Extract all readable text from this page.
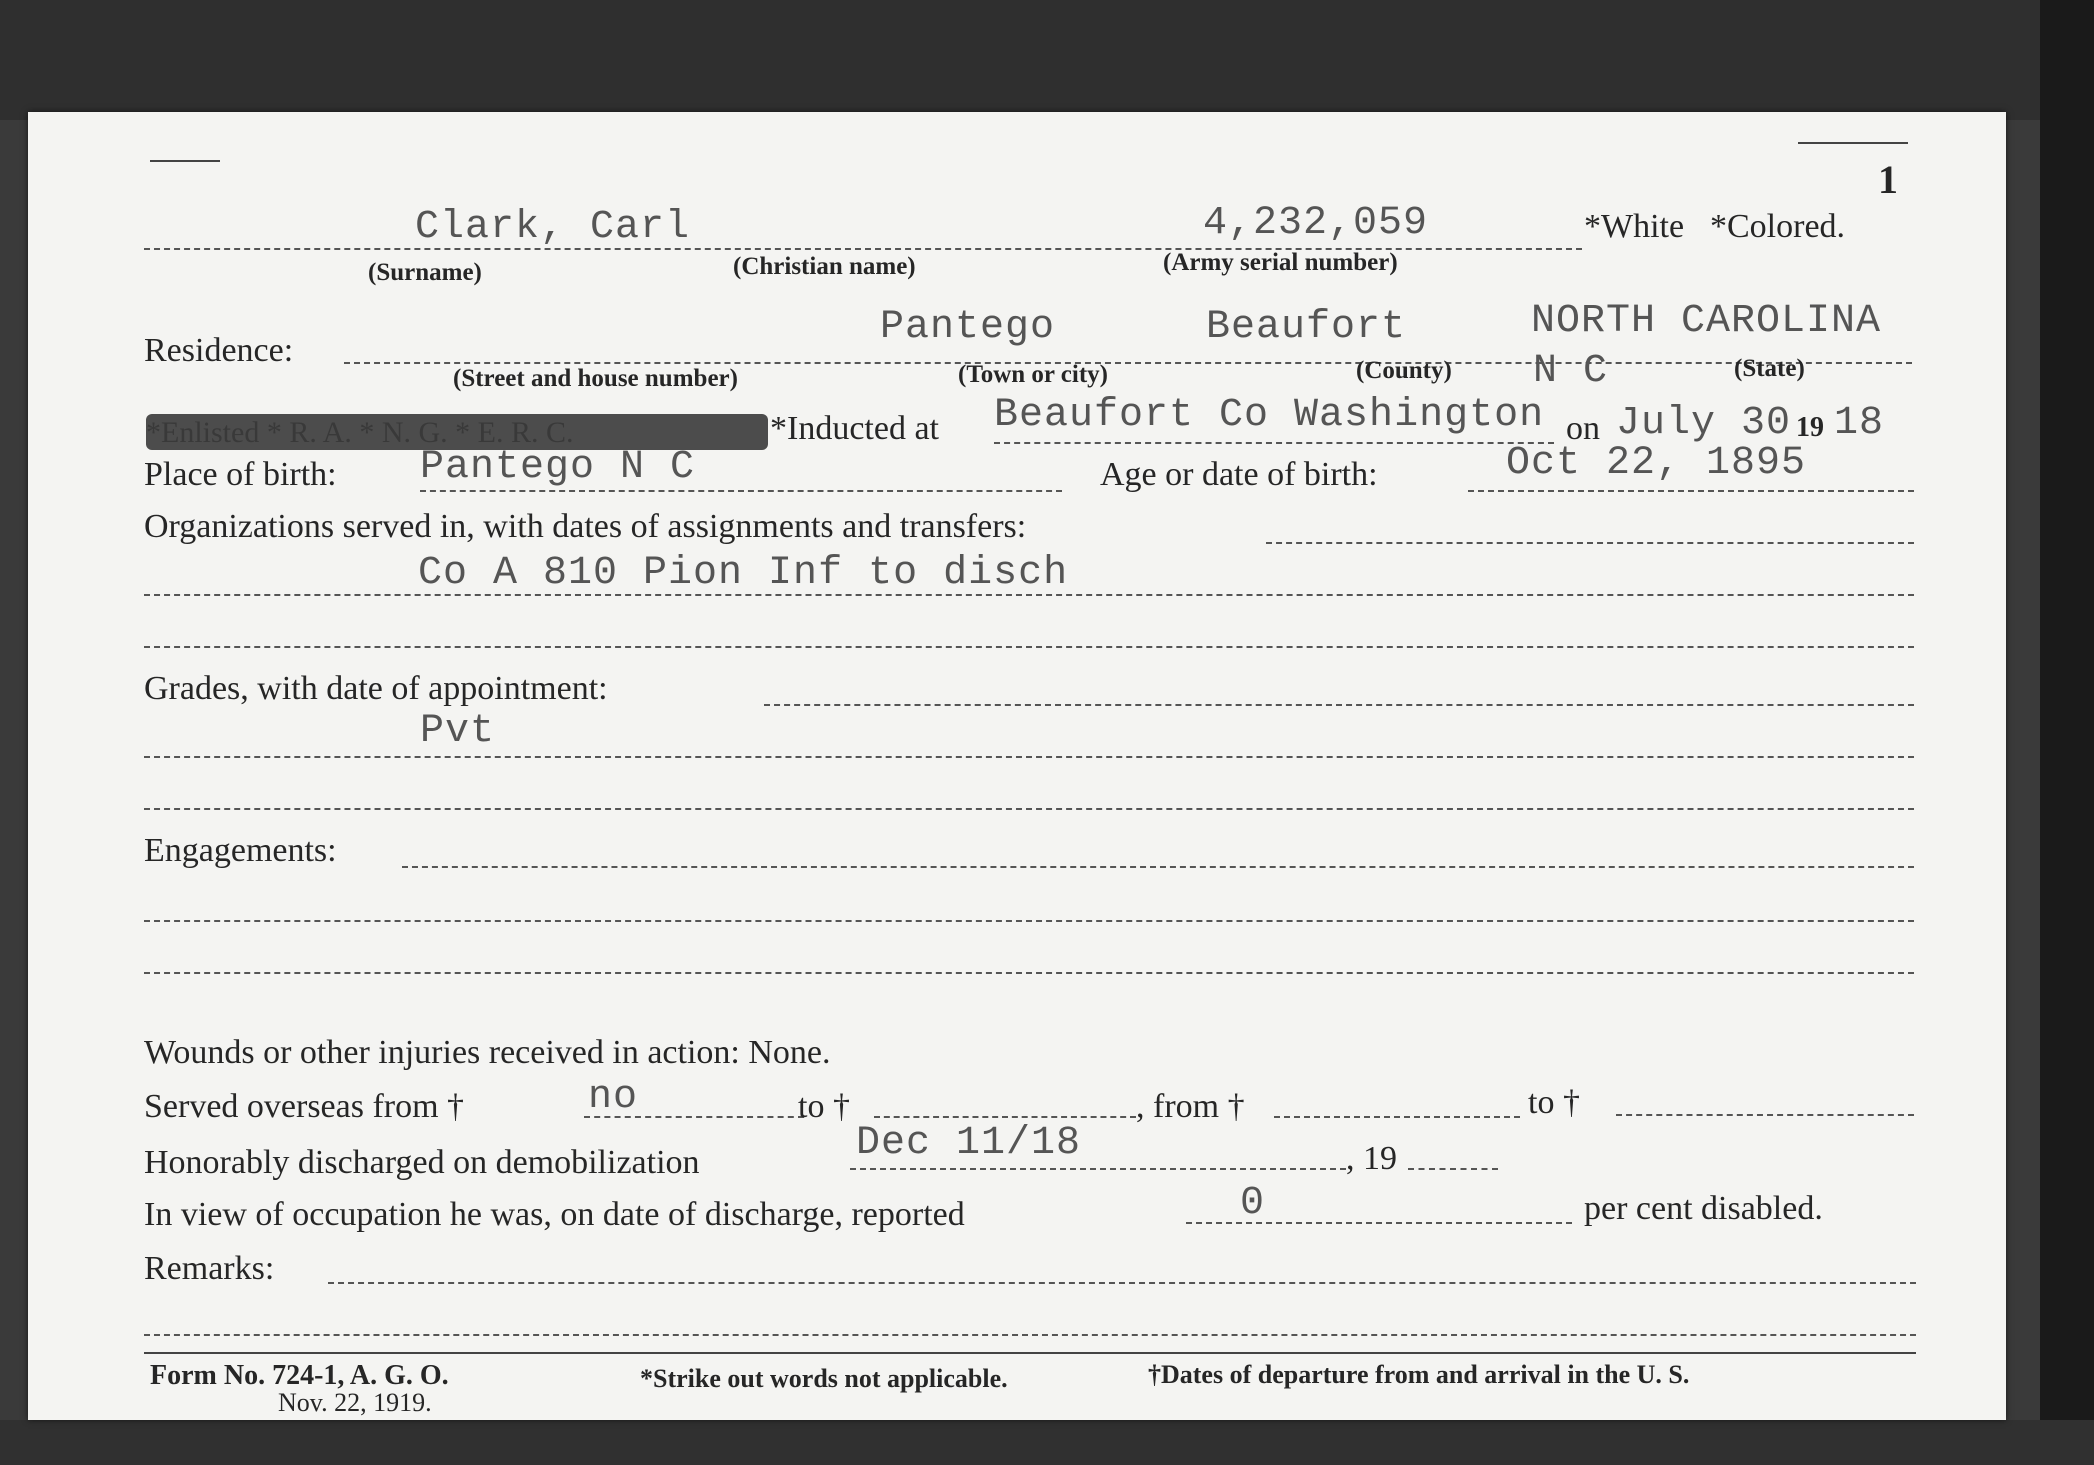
1
Clark, Carl	4,232,059	*White *Colored.
(Surname)	(Christian name)	(Army serial number)
Residence:
Pantego	Beaufort	NORTH CAROLINA
N C
(Street and house number)	(Town or city)	(County)	(State)
*Enlisted * R. A. * N. G. * E. R. C.	*Inducted at Beaufort Co Washington on July 30 19 18
Place of birth: Pantego N C	Age or date of birth:	Oct 22, 1895
Organizations served in, with dates of assignments and transfers:
Co A 810 Pion Inf to disch
Grades, with date of appointment:
Pvt
Engagements:
Wounds or other injuries received in action: None.
Served overseas from †	no	to †	, from †	to †
Honorably discharged on demobilization	Dec 11/18	, 19
In view of occupation he was, on date of discharge, reported	0	per cent disabled.
Remarks:
Form No. 724-1, A. G. O.
Nov. 22, 1919.
*Strike out words not applicable.	†Dates of departure from and arrival in the U. S.
